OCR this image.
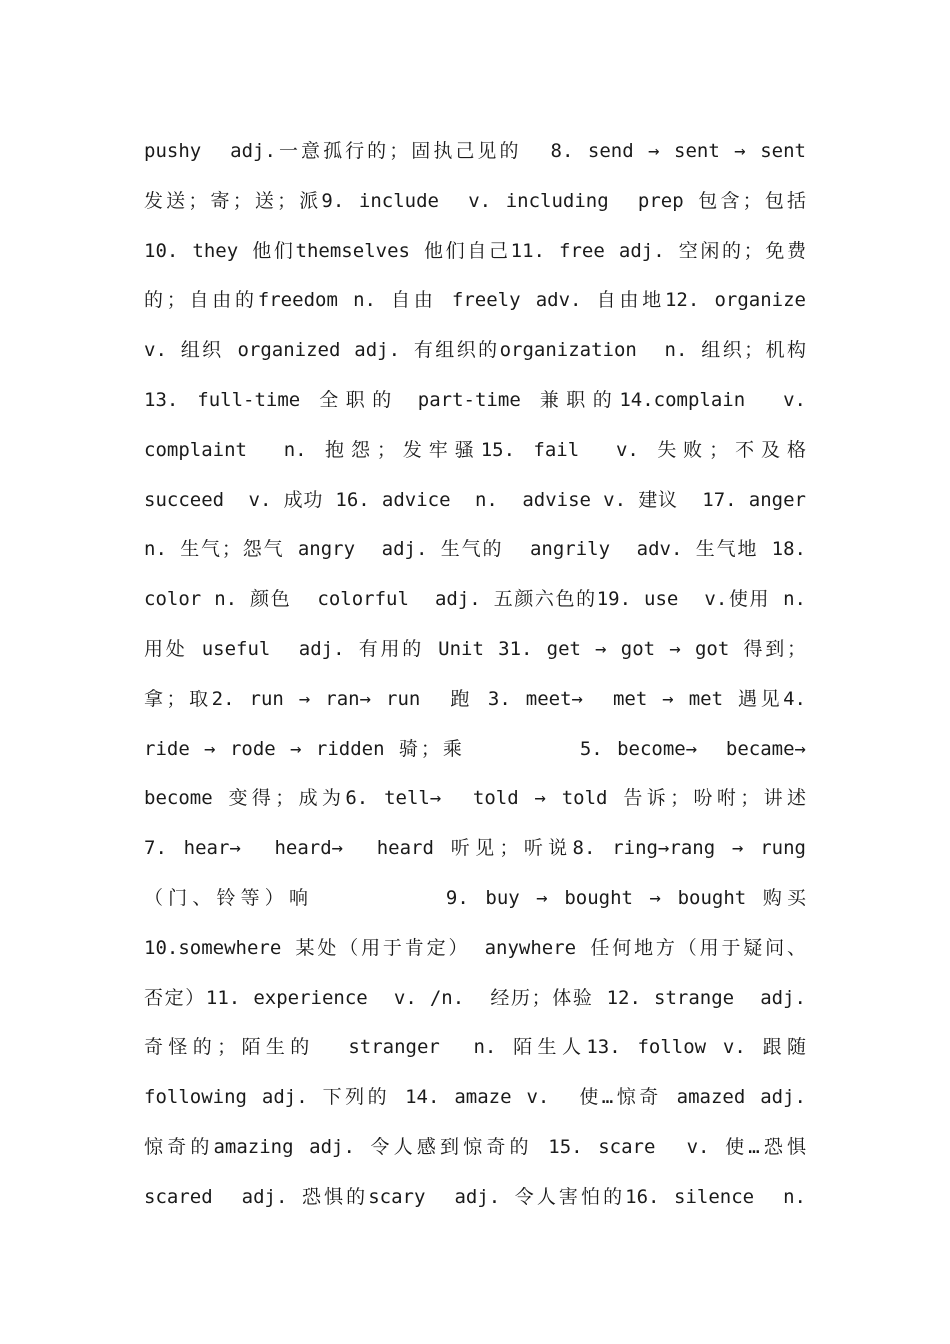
pushy  adj.一意孤行的；固执己见的  8. send → sent → sent
发送；寄；送；派9. include  v. including  prep 包含；包括
10. they 他们themselves 他们自己11. free adj. 空闲的；免费
的；自由的freedom n. 自由 freely adv. 自由地12. organize
v. 组织 organized adj. 有组织的organization  n. 组织；机构
13. full-time 全职的 part-time 兼职的14.complain  v.
complaint  n. 抱怨；发牢骚15. fail  v. 失败；不及格
succeed  v. 成功 16. advice  n.  advise v. 建议  17. anger
n. 生气；怨气 angry  adj. 生气的  angrily  adv. 生气地 18.
color n. 颜色  colorful  adj. 五颜六色的19. use  v.使用 n.
用处 useful  adj. 有用的 Unit 31. get → got → got 得到；
拿；取2. run → ran→ run  跑 3. meet→  met → met 遇见4.
ride → rode → ridden 骑；乘        5. become→  became→
become 变得；成为6. tell→  told → told 告诉；吩咐；讲述
7. hear→  heard→  heard 听见；听说8. ring→rang → rung
（门、铃等）响        9. buy → bought → bought 购买
10.somewhere 某处（用于肯定） anywhere 任何地方（用于疑问、
否定）11. experience  v. /n.  经历；体验 12. strange  adj.
奇怪的；陌生的  stranger  n. 陌生人13. follow v. 跟随
following adj. 下列的 14. amaze v.  使…惊奇 amazed adj.
惊奇的amazing adj. 令人感到惊奇的 15. scare  v. 使…恐惧
scared  adj. 恐惧的scary  adj. 令人害怕的16. silence  n.
